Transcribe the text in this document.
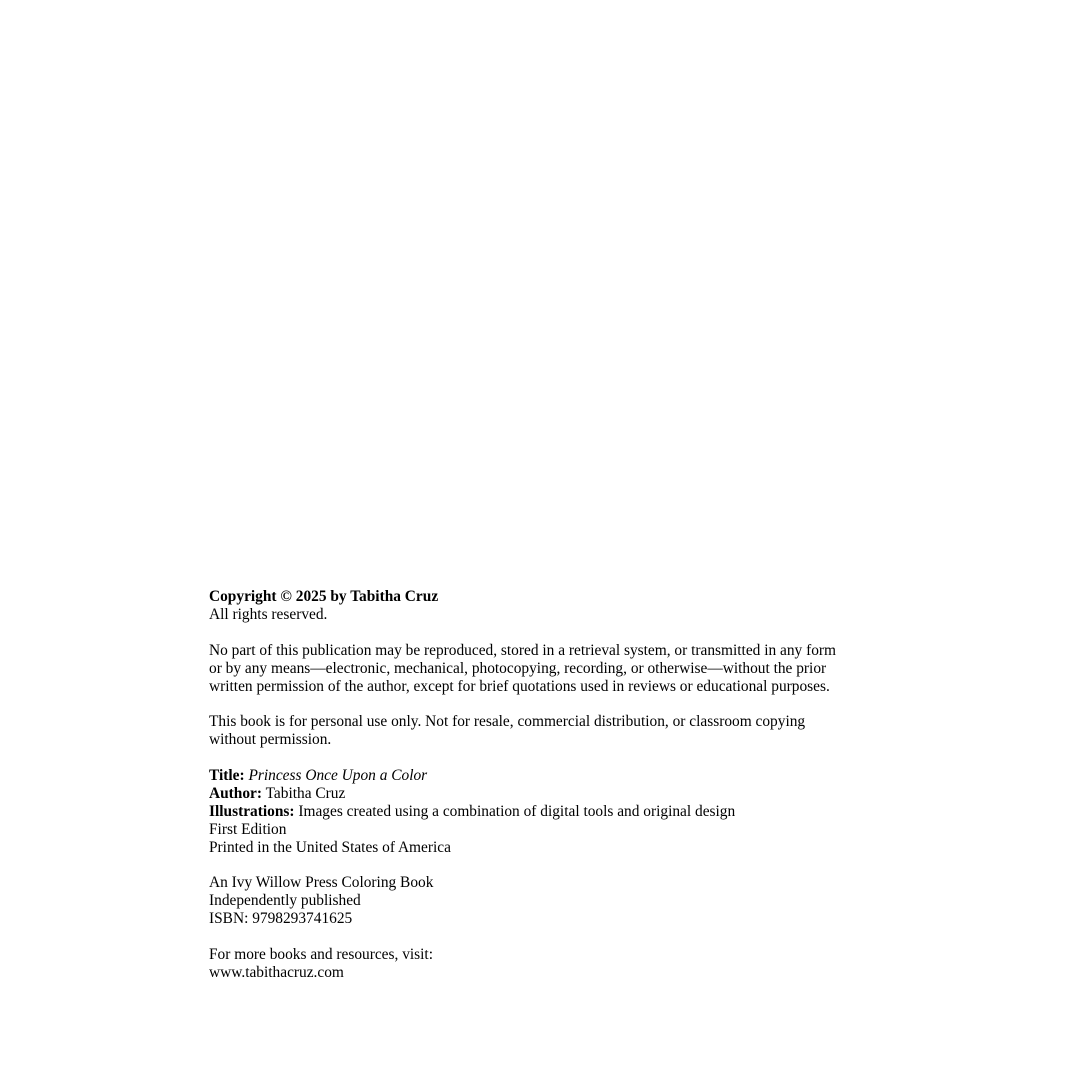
Copyright © 2025 by Tabitha Cruz
All rights reserved.
No part of this publication may be reproduced, stored in a retrieval system, or transmitted in any form
or by any means—electronic, mechanical, photocopying, recording, or otherwise—without the prior
written permission of the author, except for brief quotations used in reviews or educational purposes.
This book is for personal use only. Not for resale, commercial distribution, or classroom copying
without permission.
Title: Princess Once Upon a Color
Author: Tabitha Cruz
Illustrations: Images created using a combination of digital tools and original design
First Edition
Printed in the United States of America
An Ivy Willow Press Coloring Book
Independently published
ISBN: 9798293741625
For more books and resources, visit:
www.tabithacruz.com
